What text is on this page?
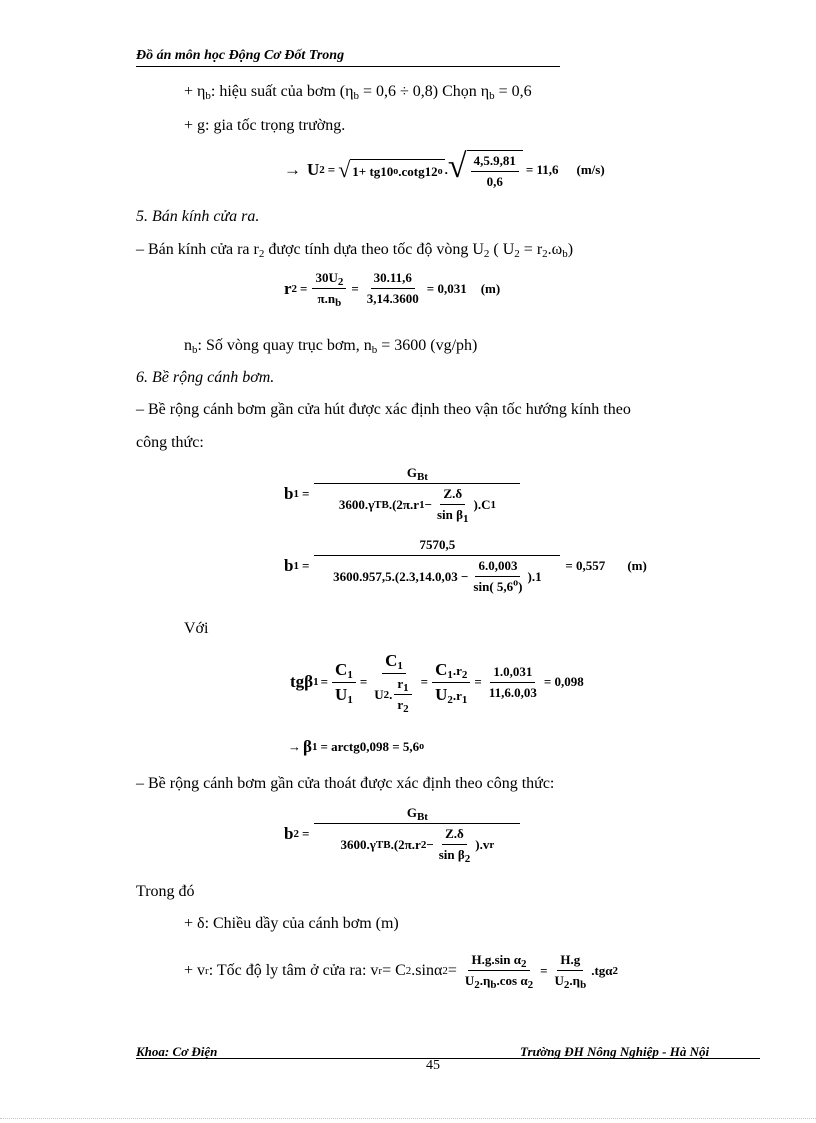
Đồ án môn học Động Cơ Đốt Trong
+ $\eta_b$: hiệu suất của bơm $(\eta_b = 0,6 \div 0,8)$ Chọn $\eta_b = 0,6$
+ g: gia tốc trọng trường.
→ U 2 = √ 1+ tg10 o .cotg12 o . √ $\frac{4,5.9,81}{0,6} = 11,6$ (m/s)
5. Bán kính cửa ra.
– Bán kính cửa ra $r_2$ được tính dựa theo tốc độ vòng $U_2$ ( $U_2 = r_2.\omega_b$)
r $2 = \frac{30U_2}{\pi.n_b} = \frac{30.11,6}{3,14.3600} = 0,031$ (m)
$n_b$: Số vòng quay trục bơm, $n_b = 3600$ (vg/ph)
6. Bề rộng cánh bơm.
– Bề rộng cánh bơm gần cửa hút được xác định theo vận tốc hướng kính theo
công thức:
b $1 = \frac{G_{Bt}}{3600.\gamma TB .(2\pi.r 1 - \frac{Z.\delta}{\sin \beta_1} ).C 1}$
b $1 = \frac{7570,5}{3600.957,5.(2.3,14.0,03 - \frac{6.0,003}{\sin( 5,6^o)} ).1} = 0,557$ (m)
Với
tgβ $1 = \frac{C_1}{U_1} = \frac{C_1}{U 2 . \frac{r_1}{r_2}} = \frac{C_1.r_2}{U_2.r_1} = \frac{1.0,031}{11,6.0,03} = 0,098$
→ β 1 = arctg0,098 = 5,6 o
– Bề rộng cánh bơm gần cửa thoát được xác định theo công thức:
b $2 = \frac{G_{Bt}}{3600.\gamma TB .(2\pi.r 2 - \frac{Z.\delta}{\sin \beta_2} ).v r}$
Trong đó
+ δ: Chiều dầy của cánh bơm (m)
+ v r : Tốc độ ly tâm ở cửa ra: v r = C 2 .sinα $2 = \frac{H.g.\sin \alpha_2}{U_2.\eta_b.\cos \alpha_2} = \frac{H.g}{U_2.\eta_b} .tg\alpha$ 2
Khoa: Cơ Điện	Trường ĐH Nông Nghiệp - Hà Nội
45
